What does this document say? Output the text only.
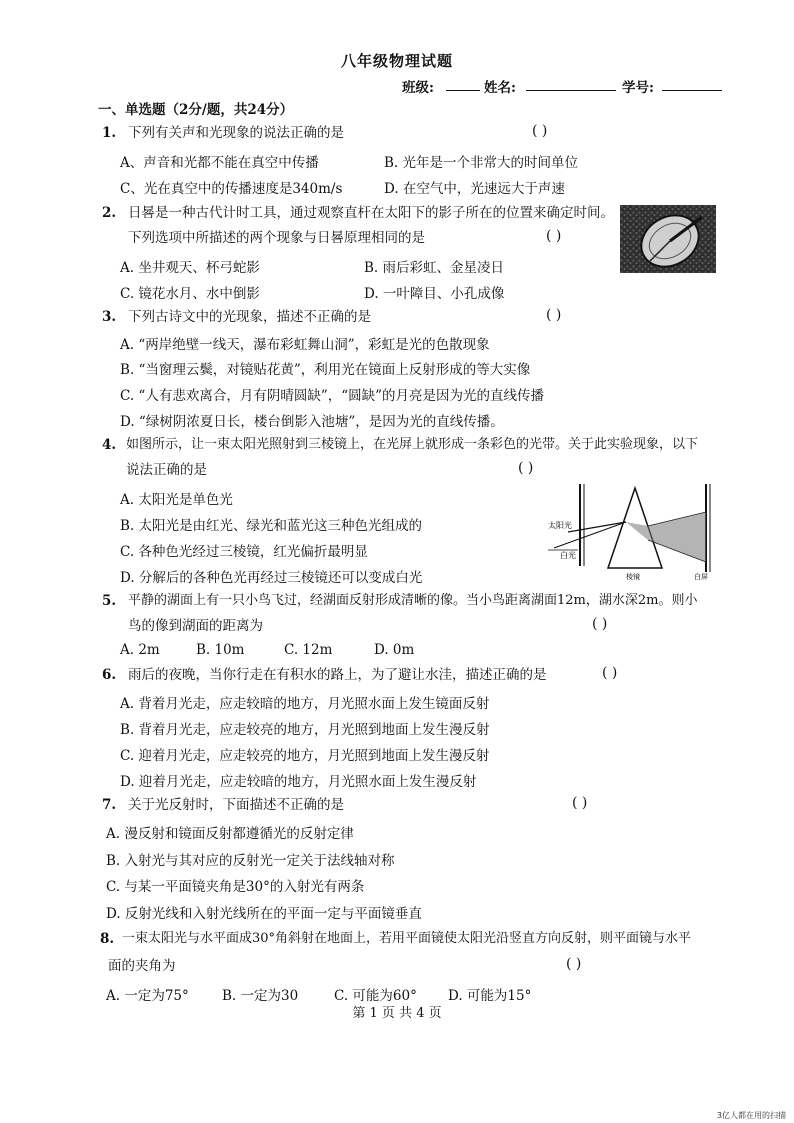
八年级物理试题
班级:	姓名:	学号:
一、单选题（2分/题，共24分）
1. 下列有关声和光现象的说法正确的是	( )
A、声音和光都不能在真空中传播	B. 光年是一个非常大的时间单位
C、光在真空中的传播速度是340m/s	D. 在空气中，光速远大于声速
2. 日晷是一种古代计时工具，通过观察直杆在太阳下的影子所在的位置来确定时间。
下列选项中所描述的两个现象与日晷原理相同的是	( )
A. 坐井观天、杯弓蛇影	B. 雨后彩虹、金星凌日
C. 镜花水月、水中倒影	D. 一叶障目、小孔成像
3. 下列古诗文中的光现象，描述不正确的是	( )
A. “两岸绝壁一线天，瀑布彩虹舞山洞”，彩虹是光的色散现象
B. “当窗理云鬓，对镜贴花黄”，利用光在镜面上反射形成的等大实像
C. “人有悲欢离合，月有阴晴圆缺”，“圆缺”的月亮是因为光的直线传播
D. “绿树阴浓夏日长，楼台倒影入池塘”，是因为光的直线传播。
4. 如图所示，让一束太阳光照射到三棱镜上，在光屏上就形成一条彩色的光带。关于此实验现象，以下
说法正确的是	( )
A. 太阳光是单色光
B. 太阳光是由红光、绿光和蓝光这三种色光组成的
C. 各种色光经过三棱镜，红光偏折最明显
D. 分解后的各种色光再经过三棱镜还可以变成白光
太阳光
白光
棱镜	白屏
5. 平静的湖面上有一只小鸟飞过，经湖面反射形成清晰的像。当小鸟距离湖面12m，湖水深2m。则小
鸟的像到湖面的距离为	( )
A. 2m	B. 10m	C. 12m	D. 0m
6. 雨后的夜晚，当你行走在有积水的路上，为了避让水洼，描述正确的是	( )
A. 背着月光走，应走较暗的地方，月光照水面上发生镜面反射
B. 背着月光走，应走较亮的地方，月光照到地面上发生漫反射
C. 迎着月光走，应走较亮的地方，月光照到地面上发生漫反射
D. 迎着月光走，应走较暗的地方，月光照水面上发生漫反射
7. 关于光反射时，下面描述不正确的是	( )
A. 漫反射和镜面反射都遵循光的反射定律
B. 入射光与其对应的反射光一定关于法线轴对称
C. 与某一平面镜夹角是30°的入射光有两条
D. 反射光线和入射光线所在的平面一定与平面镜垂直
8. 一束太阳光与水平面成30°角斜射在地面上，若用平面镜使太阳光沿竖直方向反射，则平面镜与水平
面的夹角为	( )
A. 一定为75° B. 一定为30	C. 可能为60° D. 可能为15°
第 1 页 共 4 页
3亿人都在用的扫描
